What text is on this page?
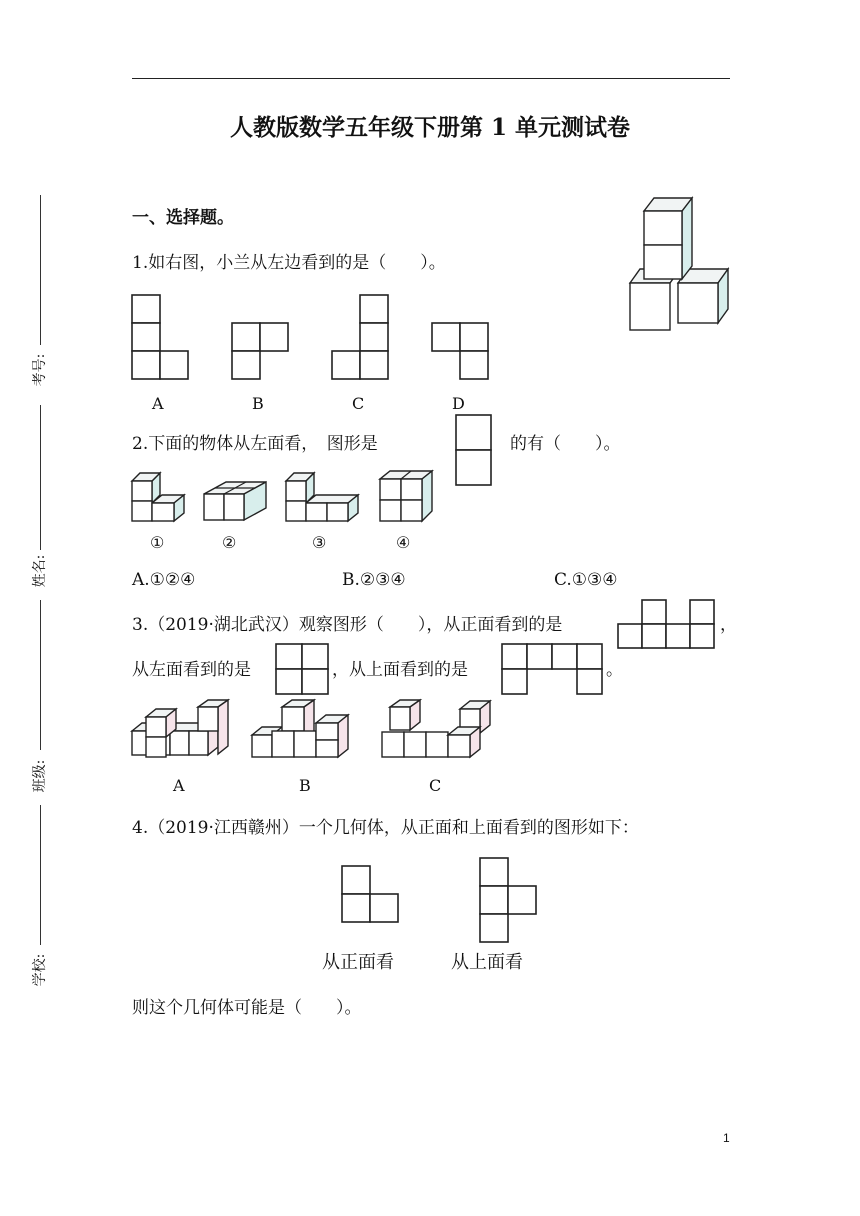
人教版数学五年级下册第 1 单元测试卷
考号:
姓名:
班级:
学校:
一、选择题。
1.如右图，小兰从左边看到的是（　　）。
A	B	C	D
2.下面的物体从左面看，　图形是	的有（　　）。
①	②	③	④
A.①②④	B.②③④	C.①③④
3.（2019·湖北武汉）观察图形（　　），从正面看到的是	，
从左面看到的是	，从上面看到的是	。
A	B	C
4.（2019·江西赣州）一个几何体，从正面和上面看到的图形如下：
从正面看	从上面看
则这个几何体可能是（　　）。
1
